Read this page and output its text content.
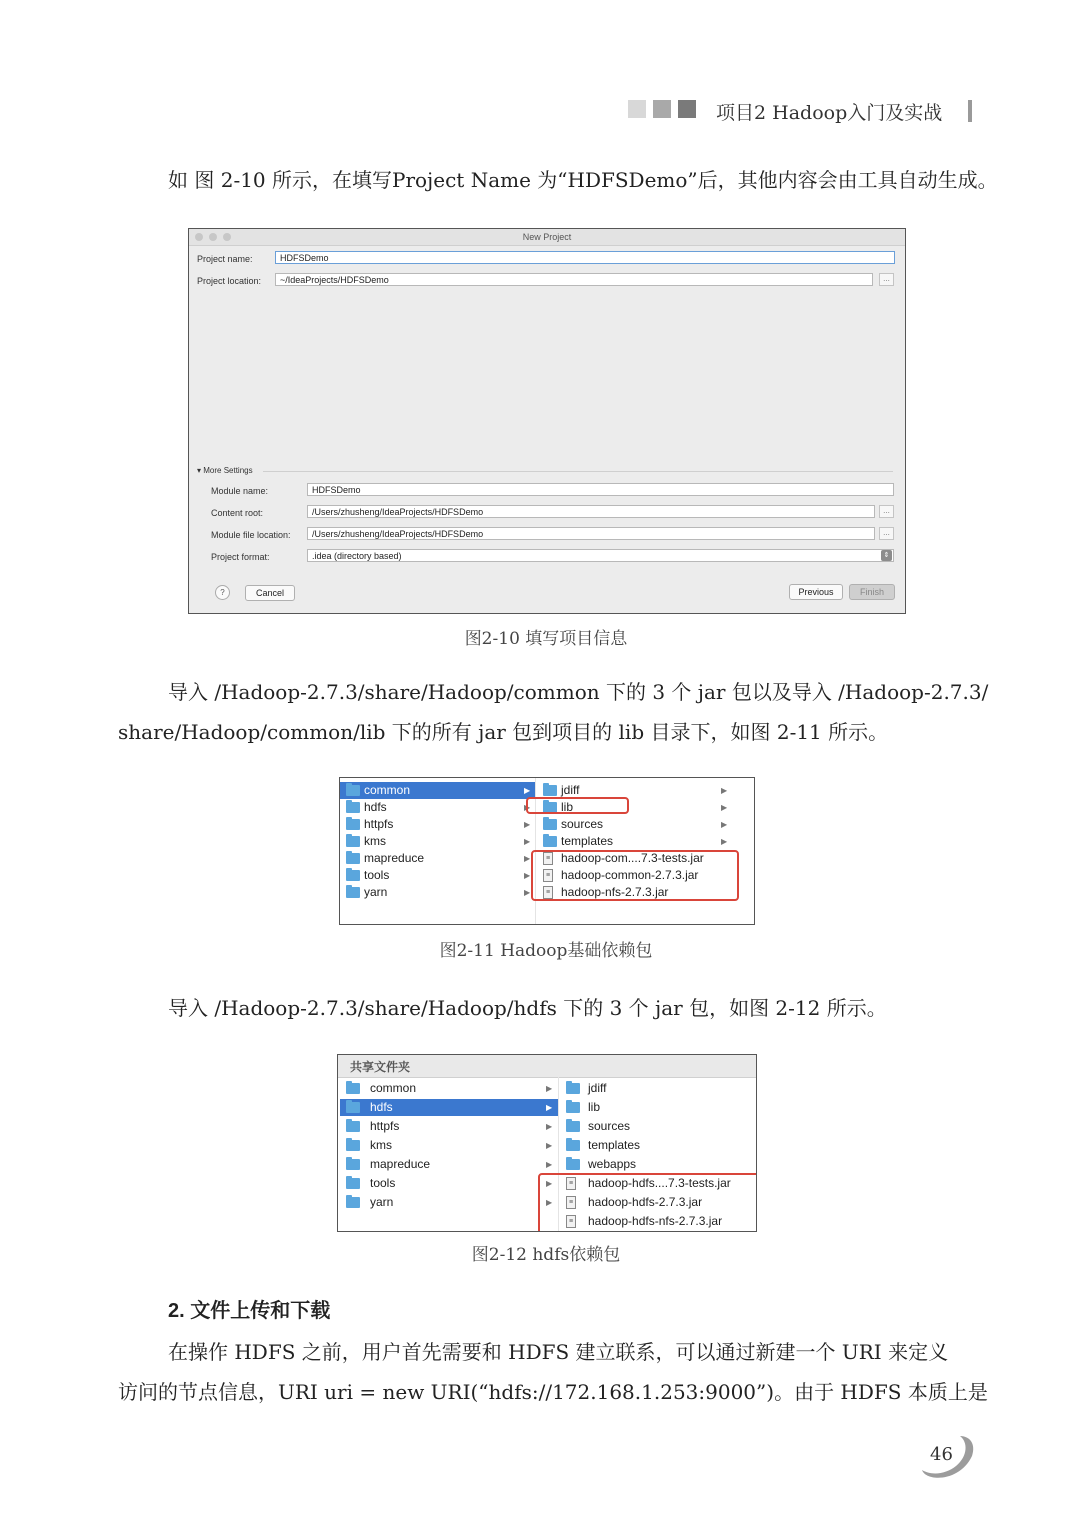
项目2 Hadoop入门及实战
如 图 2-10 所示，在填写Project Name 为“HDFSDemo”后，其他内容会由工具自动生成。
New Project
Project name:	HDFSDemo
Project location:	~/IdeaProjects/HDFSDemo	...
▾ More Settings
Module name:	HDFSDemo
Content root:	/Users/zhusheng/IdeaProjects/HDFSDemo	...
Module file location:	/Users/zhusheng/IdeaProjects/HDFSDemo	...
Project format:	.idea (directory based)	⇕
?	Cancel	Previous	Finish
图2-10 填写项目信息
导入 /Hadoop-2.7.3/share/Hadoop/common 下的 3 个 jar 包以及导入 /Hadoop-2.7.3/
share/Hadoop/common/lib 下的所有 jar 包到项目的 lib 目录下，如图 2-11 所示。
common	▶
hdfs	▶
httpfs	▶
kms	▶
mapreduce	▶
tools	▶
yarn	▶
jdiff	▶
lib	▶
sources	▶
templates	▶
≡ hadoop-com....7.3-tests.jar
≡ hadoop-common-2.7.3.jar
≡ hadoop-nfs-2.7.3.jar
图2-11 Hadoop基础依赖包
导入 /Hadoop-2.7.3/share/Hadoop/hdfs 下的 3 个 jar 包，如图 2-12 所示。
共享文件夹
common	▶
hdfs	▶
httpfs	▶
kms	▶
mapreduce	▶
tools	▶
yarn	▶
jdiff
lib
sources
templates
webapps
≡ hadoop-hdfs....7.3-tests.jar
≡ hadoop-hdfs-2.7.3.jar
≡ hadoop-hdfs-nfs-2.7.3.jar
图2-12 hdfs依赖包
2. 文件上传和下载
在操作 HDFS 之前，用户首先需要和 HDFS 建立联系，可以通过新建一个 URI 来定义
访问的节点信息，URI uri = new URI(“hdfs://172.168.1.253:9000”)。由于 HDFS 本质上是
46
